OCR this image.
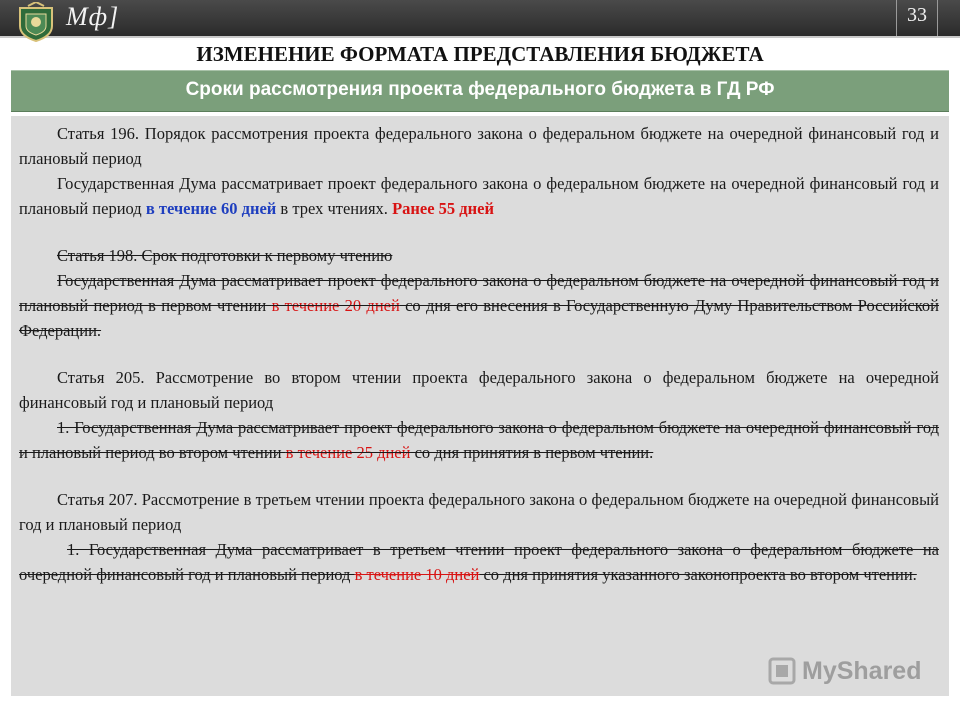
Мф]	33
ИЗМЕНЕНИЕ ФОРМАТА ПРЕДСТАВЛЕНИЯ БЮДЖЕТА
Сроки рассмотрения проекта федерального бюджета в ГД РФ

Статья 196. Порядок рассмотрения проекта федерального закона о федеральном бюджете на очередной финансовый год и плановый период

Государственная Дума рассматривает проект федерального закона о федеральном бюджете на очередной финансовый год и плановый период в течение 60 дней в трех чтениях. Ранее 55 дней

Статья 198. Срок подготовки к первому чтению

Государственная Дума рассматривает проект федерального закона о федеральном бюджете на очередной финансовый год и плановый период в первом чтении в течение 20 дней со дня его внесения в Государственную Думу Правительством Российской Федерации.

Статья 205. Рассмотрение во втором чтении проекта федерального закона о федеральном бюджете на очередной финансовый год и плановый период

1. Государственная Дума рассматривает проект федерального закона о федеральном бюджете на очередной финансовый год и плановый период во втором чтении в течение 25 дней со дня принятия в первом чтении.

Статья 207. Рассмотрение в третьем чтении проекта федерального закона о федеральном бюджете на очередной финансовый год и плановый период

1. Государственная Дума рассматривает в третьем чтении проект федерального закона о федеральном бюджете на очередной финансовый год и плановый период в течение 10 дней со дня принятия указанного законопроекта во втором чтении.

MyShared
